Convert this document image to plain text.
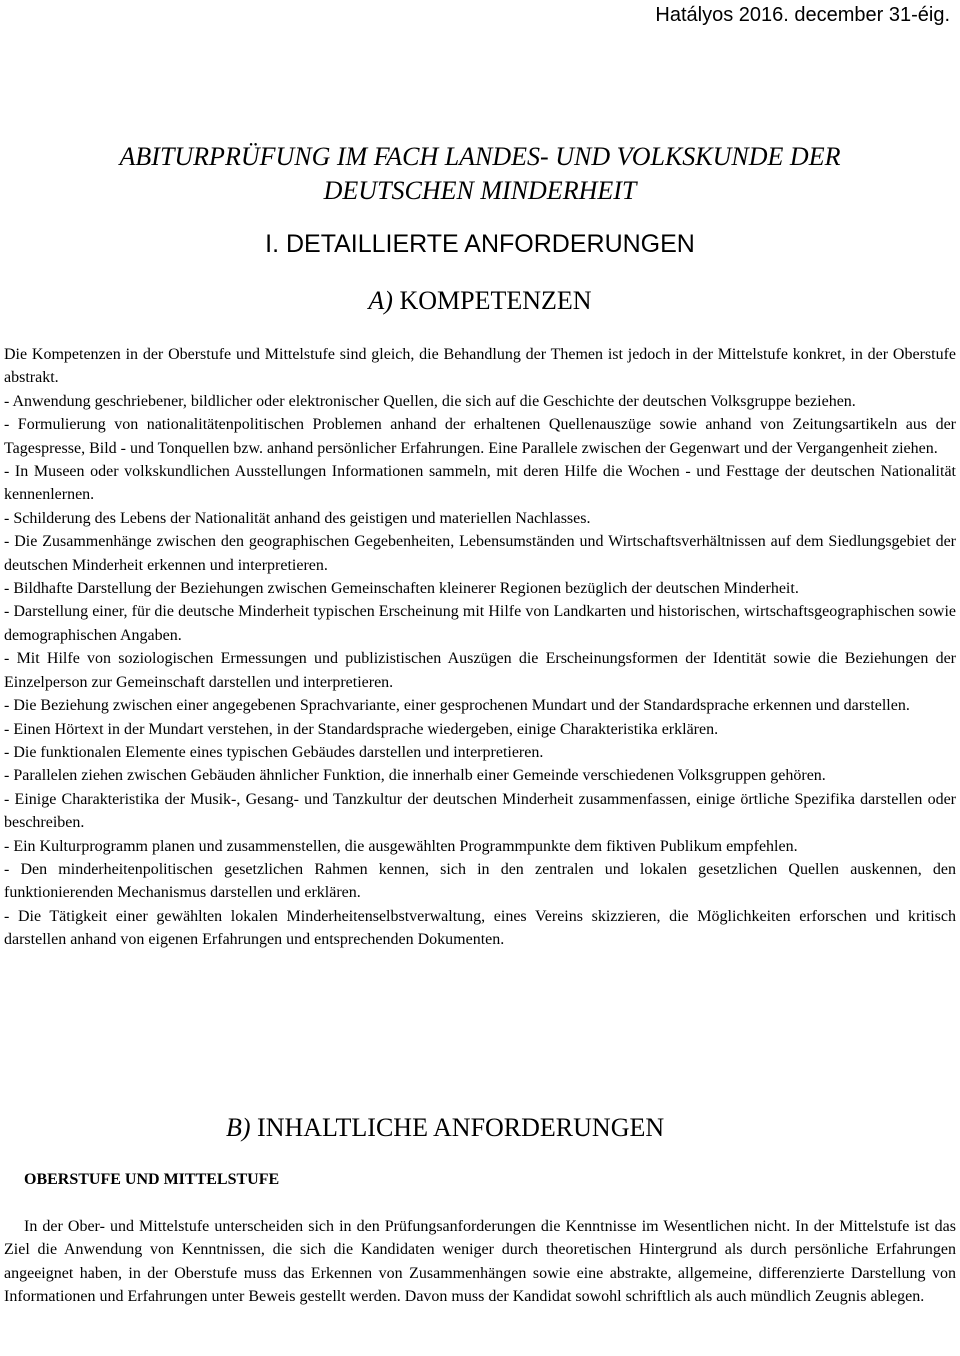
Hatályos 2016. december 31-éig.
ABITURPRÜFUNG IM FACH LANDES- UND VOLKSKUNDE DER
DEUTSCHEN MINDERHEIT
I. DETAILLIERTE ANFORDERUNGEN
A) KOMPETENZEN

Die Kompetenzen in der Oberstufe und Mittelstufe sind gleich, die Behandlung der Themen ist jedoch in der Mittelstufe konkret, in der Oberstufe abstrakt.

- Anwendung geschriebener, bildlicher oder elektronischer Quellen, die sich auf die Geschichte der deutschen Volksgruppe beziehen.

- Formulierung von nationalitätenpolitischen Problemen anhand der erhaltenen Quellenauszüge sowie anhand von Zeitungsartikeln aus der Tagespresse, Bild - und Tonquellen bzw. anhand persönlicher Erfahrungen. Eine Parallele zwischen der Gegenwart und der Vergangenheit ziehen.

- In Museen oder volkskundlichen Ausstellungen Informationen sammeln, mit deren Hilfe die Wochen - und Festtage der deutschen Nationalität kennenlernen.

- Schilderung des Lebens der Nationalität anhand des geistigen und materiellen Nachlasses.

- Die Zusammenhänge zwischen den geographischen Gegebenheiten, Lebensumständen und Wirtschaftsverhältnissen auf dem Siedlungsgebiet der deutschen Minderheit erkennen und interpretieren.

- Bildhafte Darstellung der Beziehungen zwischen Gemeinschaften kleinerer Regionen bezüglich der deutschen Minderheit.

- Darstellung einer, für die deutsche Minderheit typischen Erscheinung mit Hilfe von Landkarten und historischen, wirtschaftsgeographischen sowie demographischen Angaben.

- Mit Hilfe von soziologischen Ermessungen und publizistischen Auszügen die Erscheinungsformen der Identität sowie die Beziehungen der Einzelperson zur Gemeinschaft darstellen und interpretieren.

- Die Beziehung zwischen einer angegebenen Sprachvariante, einer gesprochenen Mundart und der Standardsprache erkennen und darstellen.

- Einen Hörtext in der Mundart verstehen, in der Standardsprache wiedergeben, einige Charakteristika erklären.

- Die funktionalen Elemente eines typischen Gebäudes darstellen und interpretieren.

- Parallelen ziehen zwischen Gebäuden ähnlicher Funktion, die innerhalb einer Gemeinde verschiedenen Volksgruppen gehören.

- Einige Charakteristika der Musik-, Gesang- und Tanzkultur der deutschen Minderheit zusammenfassen, einige örtliche Spezifika darstellen oder beschreiben.

- Ein Kulturprogramm planen und zusammenstellen, die ausgewählten Programmpunkte dem fiktiven Publikum empfehlen.

- Den minderheitenpolitischen gesetzlichen Rahmen kennen, sich in den zentralen und lokalen gesetzlichen Quellen auskennen, den funktionierenden Mechanismus darstellen und erklären.

- Die Tätigkeit einer gewählten lokalen Minderheitenselbstverwaltung, eines Vereins skizzieren, die Möglichkeiten erforschen und kritisch darstellen anhand von eigenen Erfahrungen und entsprechenden Dokumenten.

B) INHALTLICHE ANFORDERUNGEN
OBERSTUFE UND MITTELSTUFE

In der Ober- und Mittelstufe unterscheiden sich in den Prüfungsanforderungen die Kenntnisse im Wesentlichen nicht. In der Mittelstufe ist das Ziel die Anwendung von Kenntnissen, die sich die Kandidaten weniger durch theoretischen Hintergrund als durch persönliche Erfahrungen angeeignet haben, in der Oberstufe muss das Erkennen von Zusammenhängen sowie eine abstrakte, allgemeine, differenzierte Darstellung von Informationen und Erfahrungen unter Beweis gestellt werden. Davon muss der Kandidat sowohl schriftlich als auch mündlich Zeugnis ablegen.
